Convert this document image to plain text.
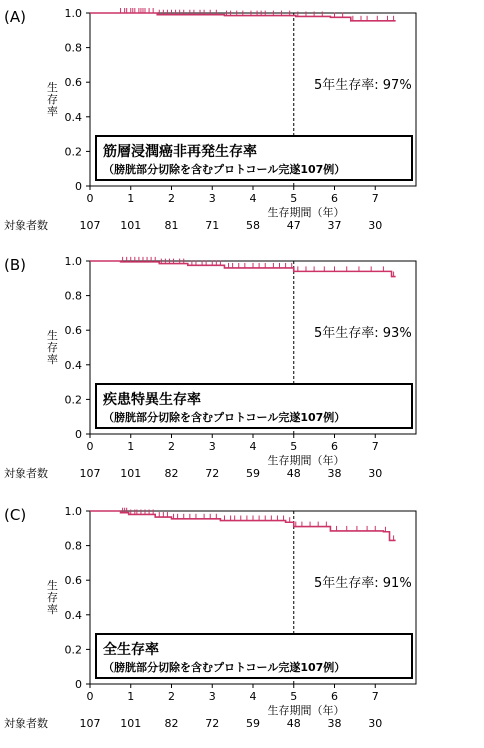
(A)
0
0.2
0.4
0.6
0.8
1.0
0	1	2	3	4	5	6	7
生存率
生存期間（年）
対象者数	107 101 81 71 58 47 37 30
5年生存率: 97%
筋層浸潤癌非再発生存率
（膀胱部分切除を含むプロトコール完遂107例）
(B)
0
0.2
0.4
0.6
0.8
1.0
0	1	2	3	4	5	6	7
生存率
生存期間（年）
対象者数	107 101 82 72 59 48 38 30
5年生存率: 93%
疾患特異生存率
（膀胱部分切除を含むプロトコール完遂107例）
(C)
0
0.2
0.4
0.6
0.8
1.0
0	1	2	3	4	5	6	7
生存率
生存期間（年）
対象者数	107 101 82 72 59 48 38 30
5年生存率: 91%
全生存率
（膀胱部分切除を含むプロトコール完遂107例）
